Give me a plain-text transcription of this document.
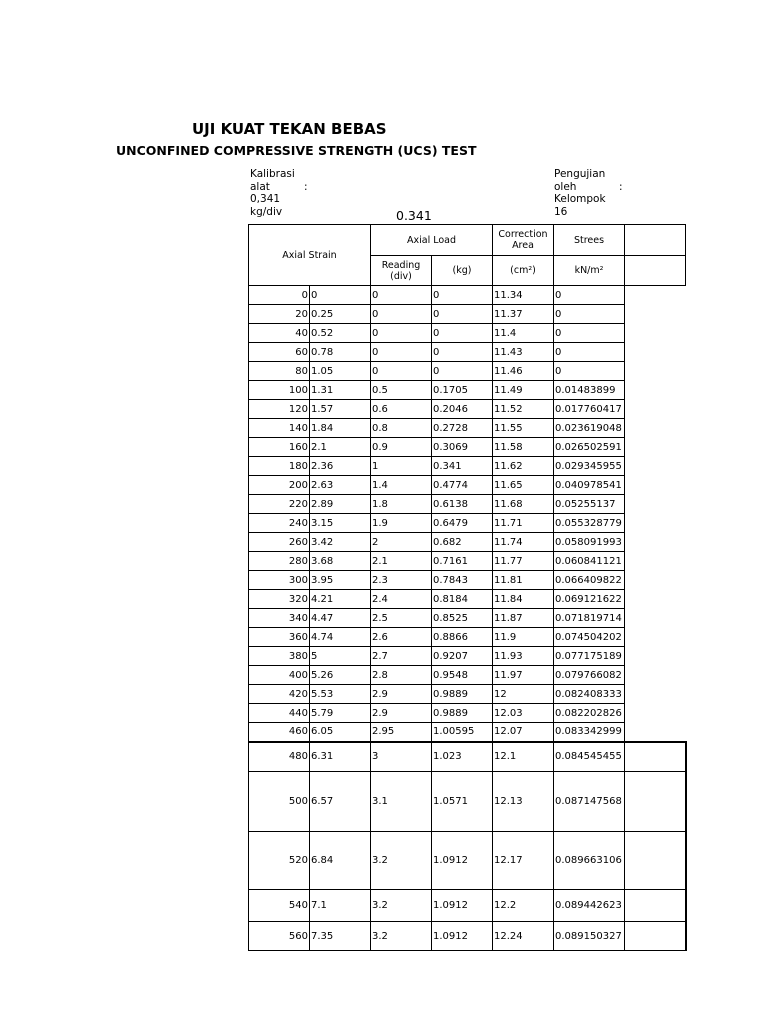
UJI KUAT TEKAN BEBAS
UNCONFINED COMPRESSIVE STRENGTH (UCS) TEST
Kalibrasi
alat	:
0,341
kg/div
Pengujian
oleh	:
Kelompok
16
0.341
Axial Strain		Axial Load		Correction Area	Strees	
		Reading (div)	(kg)	(cm²)	kN/m²	
0	0	0	0	11.34	0	
20	0.25	0	0	11.37	0	
40	0.52	0	0	11.4	0	
60	0.78	0	0	11.43	0	
80	1.05	0	0	11.46	0	
100	1.31	0.5	0.1705	11.49	0.01483899	
120	1.57	0.6	0.2046	11.52	0.017760417	
140	1.84	0.8	0.2728	11.55	0.023619048	
160	2.1	0.9	0.3069	11.58	0.026502591	
180	2.36	1	0.341	11.62	0.029345955	
200	2.63	1.4	0.4774	11.65	0.040978541	
220	2.89	1.8	0.6138	11.68	0.05255137	
240	3.15	1.9	0.6479	11.71	0.055328779	
260	3.42	2	0.682	11.74	0.058091993	
280	3.68	2.1	0.7161	11.77	0.060841121	
300	3.95	2.3	0.7843	11.81	0.066409822	
320	4.21	2.4	0.8184	11.84	0.069121622	
340	4.47	2.5	0.8525	11.87	0.071819714	
360	4.74	2.6	0.8866	11.9	0.074504202	
380	5	2.7	0.9207	11.93	0.077175189	
400	5.26	2.8	0.9548	11.97	0.079766082	
420	5.53	2.9	0.9889	12	0.082408333	
440	5.79	2.9	0.9889	12.03	0.082202826	
460	6.05	2.95	1.00595	12.07	0.083342999	
480	6.31	3	1.023	12.1	0.084545455	
500	6.57	3.1	1.0571	12.13	0.087147568	
520	6.84	3.2	1.0912	12.17	0.089663106	
540	7.1	3.2	1.0912	12.2	0.089442623	
560	7.35	3.2	1.0912	12.24	0.089150327	
